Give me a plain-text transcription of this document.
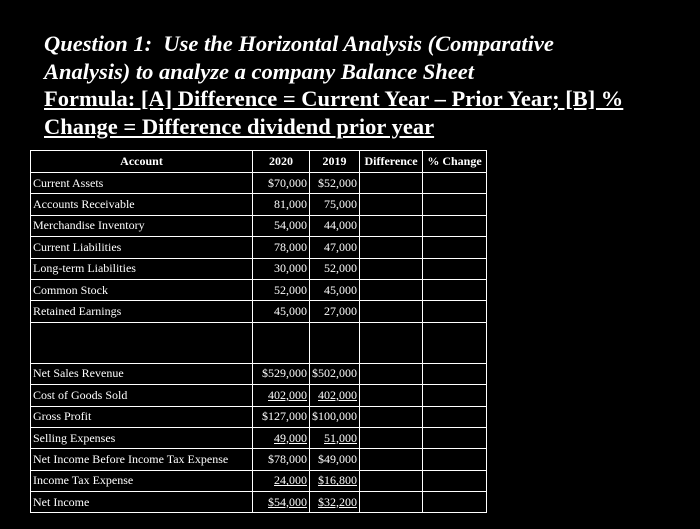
Question 1:  Use the Horizontal Analysis (Comparative
Analysis) to analyze a company Balance Sheet
Formula: [A] Difference = Current Year – Prior Year; [B] %
Change = Difference dividend prior year
Account	2020	2019	Difference	% Change
Current Assets	$70,000	$52,000		
Accounts Receivable	81,000	75,000		
Merchandise Inventory	54,000	44,000		
Current Liabilities	78,000	47,000		
Long-term Liabilities	30,000	52,000		
Common Stock	52,000	45,000		
Retained Earnings	45,000	27,000		

Net Sales Revenue	$529,000	$502,000		
Cost of Goods Sold	402,000	402,000		
Gross Profit	$127,000	$100,000		
Selling Expenses	49,000	51,000		
Net Income Before Income Tax Expense	$78,000	$49,000		
Income Tax Expense	24,000	$16,800		
Net Income	$54,000	$32,200		
